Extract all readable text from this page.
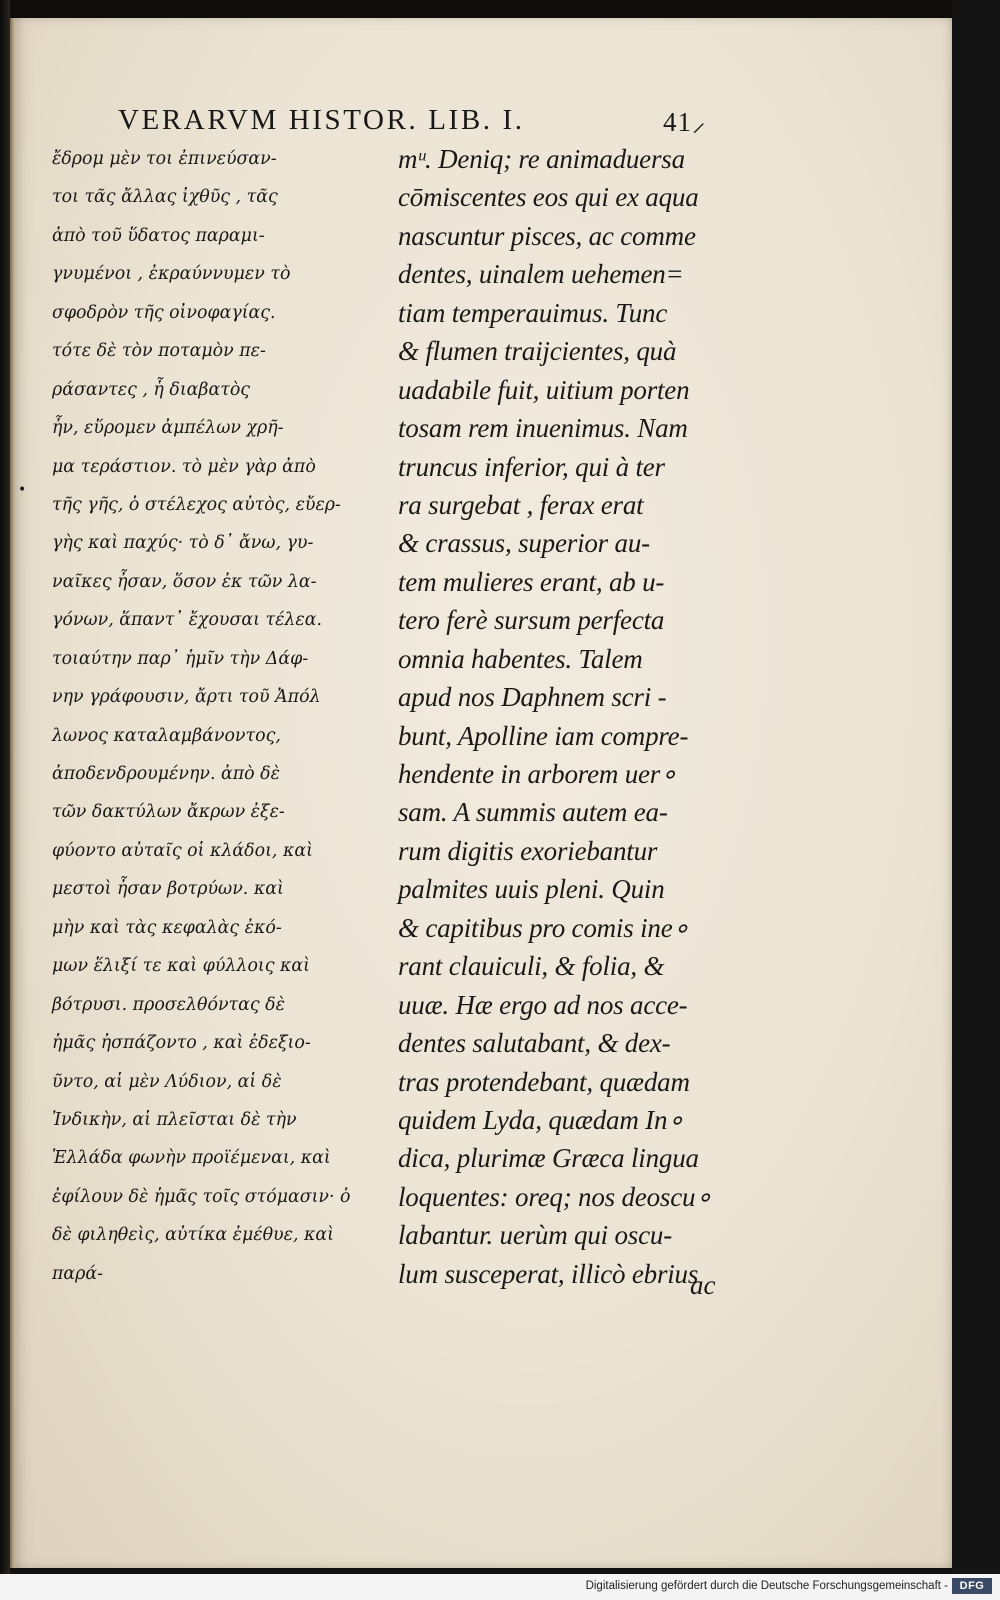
VERARVM HISTOR. LIB. I.	41⸝
•
ἔδρομ μὲν τοι ἐπινεύσαν-
τοι τᾶς ἄλλας ἰχθῦς , τᾶς
ἀπὸ τοῦ ὕδατος παραμι-
γνυμένοι , ἐκραύννυμεν τὸ
σφοδρὸν τῆς οἰνοφαγίας.
τότε δὲ τὸν ποταμὸν πε-
ράσαντες , ἧ διαβατὸς
ἦν, εὕρομεν ἀμπέλων χρῆ-
μα τεράστιον. τὸ μὲν γὰρ ἀπὸ
τῆς γῆς, ὁ στέλεχος αὐτὸς, εὔερ-
γὴς καὶ παχύς· τὸ δ᾽ ἄνω, γυ-
ναῖκες ἦσαν, ὅσον ἐκ τῶν λα-
γόνων, ἅπαντ᾽ ἔχουσαι τέλεα.
τοιαύτην παρ᾽ ἡμῖν τὴν Δάφ-
νην γράφουσιν, ἄρτι τοῦ Ἀπόλ
λωνος καταλαμβάνοντος,
ἀποδενδρουμένην. ἀπὸ δὲ
τῶν δακτύλων ἄκρων ἐξε-
φύοντο αὐταῖς οἱ κλάδοι, καὶ
μεστοὶ ἦσαν βοτρύων. καὶ
μὴν καὶ τὰς κεφαλὰς ἐκό-
μων ἕλιξί τε καὶ φύλλοις καὶ
βότρυσι. προσελθόντας δὲ
ἡμᾶς ἠσπάζοντο , καὶ ἐδεξιο-
ῦντο, αἱ μὲν Λύδιον, αἱ δὲ
Ἰνδικὴν, αἱ πλεῖσται δὲ τὴν
Ἑλλάδα φωνὴν προϊέμεναι, καὶ
ἐφίλουν δὲ ἡμᾶς τοῖς στόμασιν· ὁ
δὲ φιληθεὶς, αὐτίκα ἐμέθυε, καὶ
παρά-
mᵘ. Deniq; re animaduersa
cōmiscentes eos qui ex aqua
nascuntur pisces, ac comme
dentes, uinalem uehemen=
tiam temperauimus. Tunc
& flumen traijcientes, quà
uadabile fuit, uitium porten
tosam rem inuenimus. Nam
truncus inferior, qui à ter
ra surgebat , ferax erat
& crassus, superior au-
tem mulieres erant, ab u-
tero ferè sursum perfecta
omnia habentes. Talem
apud nos Daphnem scri -
bunt, Apolline iam compre-
hendente in arborem uer∘
sam. A summis autem ea-
rum digitis exoriebantur
palmites uuis pleni. Quin
& capitibus pro comis ine∘
rant clauiculi, & folia, &
uuæ. Hæ ergo ad nos acce-
dentes salutabant, & dex-
tras protendebant, quædam
quidem Lyda, quædam In∘
dica, plurimæ Græca lingua
loquentes: oreq; nos deoscu∘
labantur. uerùm qui oscu-
lum susceperat, illicò ebrius
ac
Digitalisierung gefördert durch die Deutsche Forschungsgemeinschaft -	DFG
